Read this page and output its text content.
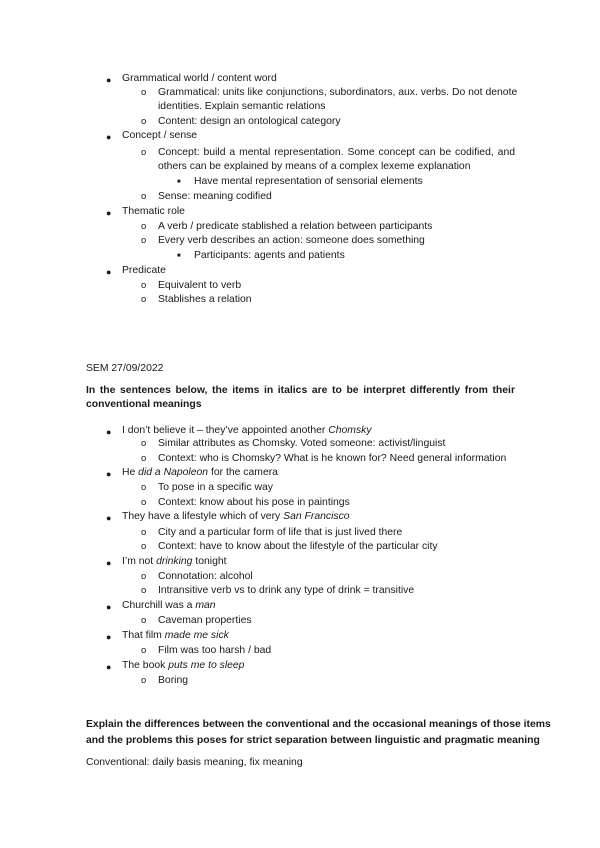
● Grammatical world / content word
o Grammatical: units like conjunctions, subordinators, aux. verbs. Do not denote
identities. Explain semantic relations
o Content: design an ontological category
● Concept / sense
o Concept: build a mental representation. Some concept can be codified, and
others can be explained by means of a complex lexeme explanation
■ Have mental representation of sensorial elements
o Sense: meaning codified
● Thematic role
o A verb / predicate stablished a relation between participants
o Every verb describes an action: someone does something
■ Participants: agents and patients
● Predicate
o Equivalent to verb
o Stablishes a relation
SEM 27/09/2022
In the sentences below, the items in italics are to be interpret differently from their
conventional meanings
● I don’t believe it – they’ve appointed another Chomsky
o Similar attributes as Chomsky. Voted someone: activist/linguist
o Context: who is Chomsky? What is he known for? Need general information
● He did a Napoleon for the camera
o To pose in a specific way
o Context: know about his pose in paintings
● They have a lifestyle which of very San Francisco
o City and a particular form of life that is just lived there
o Context: have to know about the lifestyle of the particular city
● I’m not drinking tonight
o Connotation: alcohol
o Intransitive verb vs to drink any type of drink = transitive
● Churchill was a man
o Caveman properties
● That film made me sick
o Film was too harsh / bad
● The book puts me to sleep
o Boring
Explain the differences between the conventional and the occasional meanings of those items
and the problems this poses for strict separation between linguistic and pragmatic meaning
Conventional: daily basis meaning, fix meaning
